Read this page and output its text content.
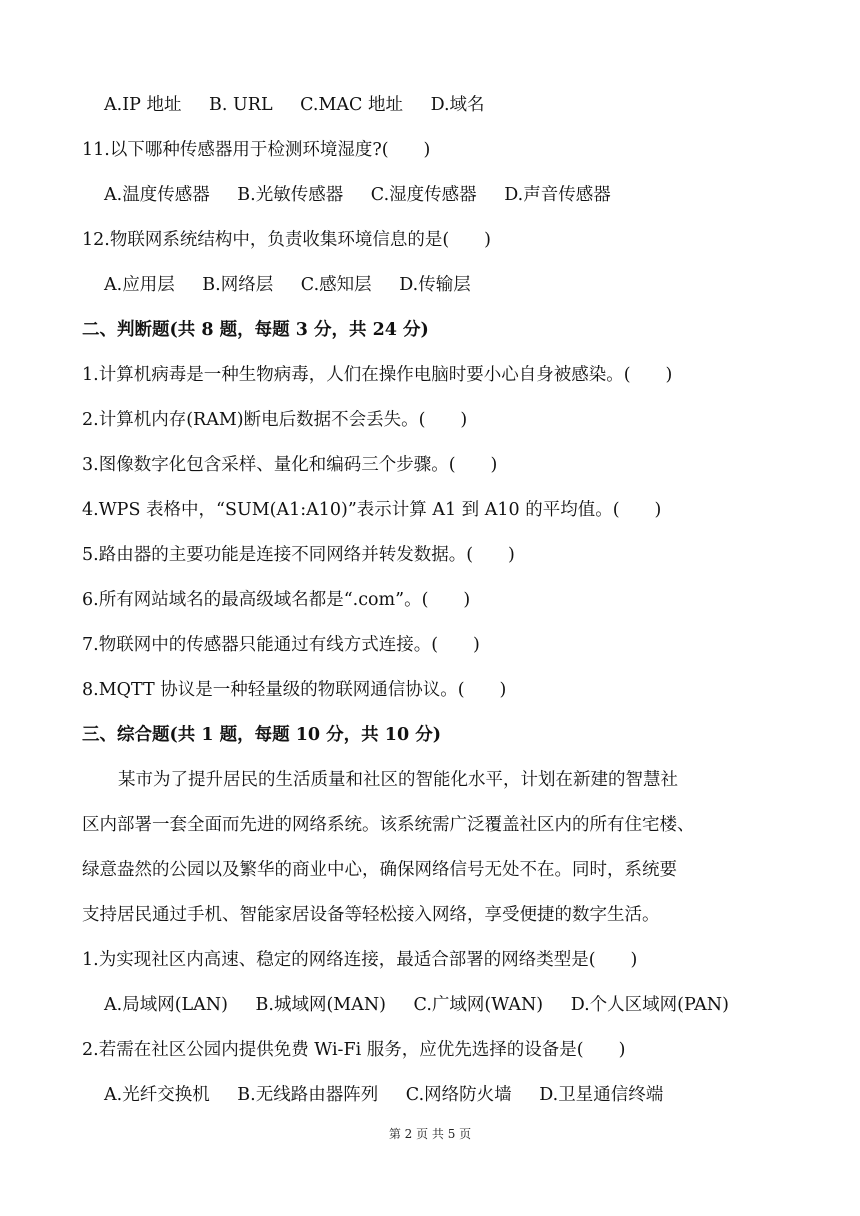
A.IP 地址 B. URL C.MAC 地址 D.域名
11.以下哪种传感器用于检测环境湿度?(　　)
A.温度传感器 B.光敏传感器 C.湿度传感器 D.声音传感器
12.物联网系统结构中，负责收集环境信息的是(　　)
A.应用层 B.网络层 C.感知层 D.传输层
二、判断题(共 8 题，每题 3 分，共 24 分)
1.计算机病毒是一种生物病毒，人们在操作电脑时要小心自身被感染。(　　)
2.计算机内存(RAM)断电后数据不会丢失。(　　)
3.图像数字化包含采样、量化和编码三个步骤。(　　)
4.WPS 表格中，“SUM(A1:A10)”表示计算 A1 到 A10 的平均值。(　　)
5.路由器的主要功能是连接不同网络并转发数据。(　　)
6.所有网站域名的最高级域名都是“.com”。(　　)
7.物联网中的传感器只能通过有线方式连接。(　　)
8.MQTT 协议是一种轻量级的物联网通信协议。(　　)
三、综合题(共 1 题，每题 10 分，共 10 分)
某市为了提升居民的生活质量和社区的智能化水平，计划在新建的智慧社
区内部署一套全面而先进的网络系统。该系统需广泛覆盖社区内的所有住宅楼、
绿意盎然的公园以及繁华的商业中心，确保网络信号无处不在。同时，系统要
支持居民通过手机、智能家居设备等轻松接入网络，享受便捷的数字生活。
1.为实现社区内高速、稳定的网络连接，最适合部署的网络类型是(　　)
A.局域网(LAN) B.城域网(MAN) C.广域网(WAN) D.个人区域网(PAN)
2.若需在社区公园内提供免费 Wi-Fi 服务，应优先选择的设备是(　　)
A.光纤交换机 B.无线路由器阵列 C.网络防火墙 D.卫星通信终端
第 2 页 共 5 页
